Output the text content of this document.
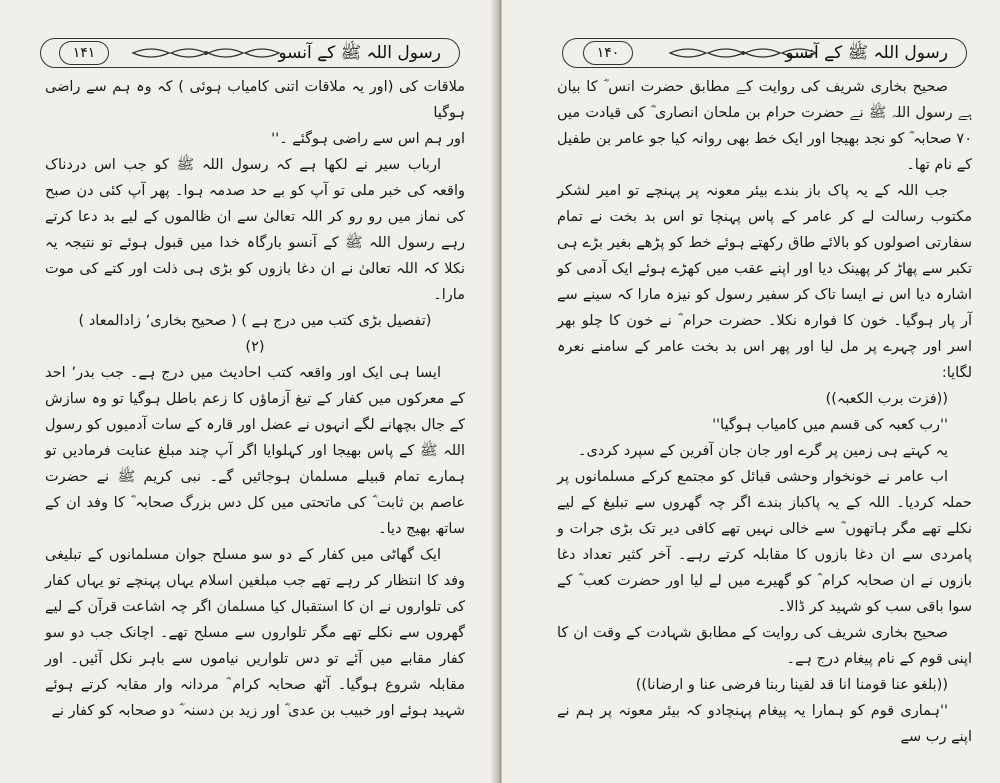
۱۴۱	رسول اللہ ﷺ کے آنسو

ملاقات کی (اور یہ ملاقات اتنی کامیاب ہوئی ) کہ وہ ہم سے راضی ہوگیا

اور ہم اس سے راضی ہوگئے ۔''

ارباب سیر نے لکھا ہے کہ رسول اللہ ﷺ کو جب اس دردناک واقعہ کی خبر ملی تو آپ کو بے حد صدمہ ہوا۔ پھر آپ کئی دن صبح کی نماز میں رو رو کر اللہ تعالیٰ سے ان ظالموں کے لیے بد دعا کرتے رہے رسول اللہ ﷺ کے آنسو بارگاہ خدا میں قبول ہوئے تو نتیجہ یہ نکلا کہ اللہ تعالیٰ نے ان دغا بازوں کو بڑی ہی ذلت اور کتے کی موت مارا۔

(تفصیل بڑی کتب میں درج ہے ) ( صحیح بخاری٬ زادالمعاد )

(۲)

ایسا ہی ایک اور واقعہ کتب احادیث میں درج ہے۔ جب بدر٬ احد کے معرکوں میں کفار کے تیغ آزماؤں کا زعم باطل ہوگیا تو وہ سازش کے جال بچھانے لگے انہوں نے عضل اور قارہ کے سات آدمیوں کو رسول اللہ ﷺ کے پاس بھیجا اور کہلوایا اگر آپ چند مبلغ عنایت فرمادیں تو ہمارے تمام قبیلے مسلمان ہوجائیں گے۔ نبی کریم ﷺ نے حضرت عاصم بن ثابت ؓ کی ماتحتی میں کل دس بزرگ صحابہ ؓ کا وفد ان کے ساتھ بھیج دیا۔

ایک گھاٹی میں کفار کے دو سو مسلح جوان مسلمانوں کے تبلیغی وفد کا انتظار کر رہے تھے جب مبلغین اسلام یہاں پہنچے تو یہاں کفار کی تلواروں نے ان کا استقبال کیا مسلمان اگر چہ اشاعت قرآن کے لیے گھروں سے نکلے تھے مگر تلواروں سے مسلح تھے۔ اچانک جب دو سو کفار مقابے میں آئے تو دس تلواریں نیاموں سے باہر نکل آئیں۔ اور مقابلہ شروع ہوگیا۔ آٹھ صحابہ کرام ؓ مردانہ وار مقابہ کرتے ہوئے شہید ہوئے اور خبیب بن عدی ؓ اور زید بن دسنہ ؓ دو صحابہ کو کفار نے

۱۴۰	رسول اللہ ﷺ کے آنسو

صحیح بخاری شریف کی روایت کے مطابق حضرت انس ؓ کا بیان ہے رسول اللہ ﷺ نے حضرت حرام بن ملحان انصاری ؓ کی قیادت میں ۷۰ صحابہ ؓ کو نجد بھیجا اور ایک خط بھی روانہ کیا جو عامر بن طفیل کے نام تھا۔

جب اللہ کے یہ پاک باز بندے بیئر معونہ پر پہنچے تو امیر لشکر مکتوب رسالت لے کر عامر کے پاس پہنچا تو اس بد بخت نے تمام سفارتی اصولوں کو بالائے طاق رکھتے ہوئے خط کو پڑھے بغیر بڑے ہی تکبر سے پھاڑ کر پھینک دیا اور اپنے عقب میں کھڑے ہوئے ایک آدمی کو اشارہ دیا اس نے ایسا تاک کر سفیر رسول کو نیزہ مارا کہ سینے سے آر پار ہوگیا۔ خون کا فوارہ نکلا۔ حضرت حرام ؓ نے خون کا چلو بھر اسر اور چہرے پر مل لیا اور پھر اس بد بخت عامر کے سامنے نعرہ لگایا:

((فزت برب الکعبہ))

''رب کعبہ کی قسم میں کامیاب ہوگیا''

یہ کہتے ہی زمین پر گرے اور جان جان آفرین کے سپرد کردی۔

اب عامر نے خونخوار وحشی قبائل کو مجتمع کرکے مسلمانوں پر حملہ کردیا۔ اللہ کے یہ پاکباز بندے اگر چہ گھروں سے تبلیغ کے لیے نکلے تھے مگر ہاتھوں ؓ سے خالی نہیں تھے کافی دیر تک بڑی جرات و پامردی سے ان دغا بازوں کا مقابلہ کرتے رہے۔ آخر کثیر تعداد دغا بازوں نے ان صحابہ کرام ؓ کو گھیرے میں لے لیا اور حضرت کعب ؓ کے سوا باقی سب کو شہید کر ڈالا۔

صحیح بخاری شریف کی روایت کے مطابق شہادت کے وقت ان کا اپنی قوم کے نام پیغام درج ہے۔

((بلغو عنا قومنا انا قد لقینا ربنا فرضی عنا و ارضانا))

''ہماری قوم کو ہمارا یہ پیغام پہنچادو کہ بیئر معونہ پر ہم نے اپنے رب سے
